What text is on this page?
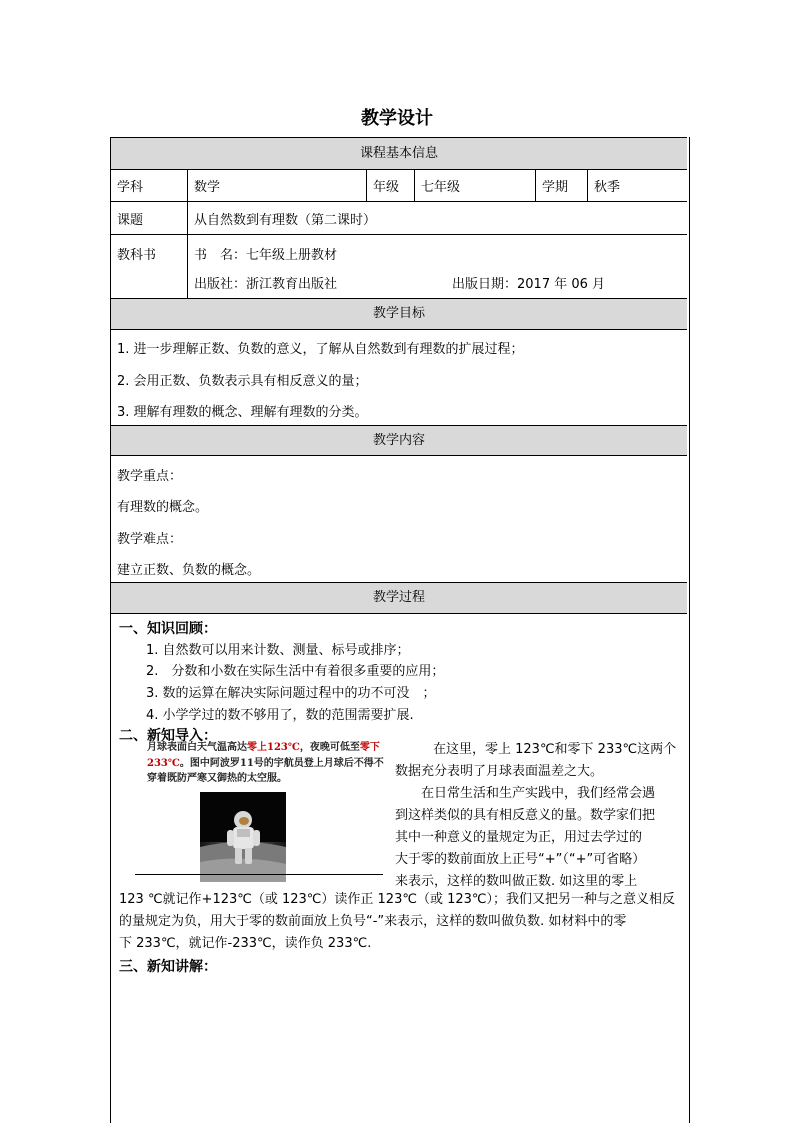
教学设计
课程基本信息
学科	数学	年级	七年级	学期	秋季
课题	从自然数到有理数（第二课时）
教科书	书　名：七年级上册教材
出版社：浙江教育出版社	出版日期：2017 年 06 月
教学目标
1. 进一步理解正数、负数的意义，了解从自然数到有理数的扩展过程；
2. 会用正数、负数表示具有相反意义的量；
3. 理解有理数的概念、理解有理数的分类。
教学内容
教学重点：
有理数的概念。
教学难点：
建立正数、负数的概念。
教学过程
一、知识回顾：
1. 自然数可以用来计数、测量、标号或排序；
2.　分数和小数在实际生活中有着很多重要的应用；
3. 数的运算在解决实际问题过程中的功不可没　；
4. 小学学过的数不够用了，数的范围需要扩展.
二、新知导入：
月球表面白天气温高达零上123℃，夜晚可低至零下233℃。图中阿波罗11号的宇航员登上月球后不得不穿着既防严寒又御热的太空服。
在这里，零上 123℃和零下 233℃这两个
数据充分表明了月球表面温差之大。
在日常生活和生产实践中，我们经常会遇
到这样类似的具有相反意义的量。数学家们把
其中一种意义的量规定为正，用过去学过的
大于零的数前面放上正号“+”（“+”可省略）
来表示，这样的数叫做正数. 如这里的零上
123 ℃就记作+123℃（或 123℃）读作正 123℃（或 123℃）；我们又把另一种与之意义相反
的量规定为负，用大于零的数前面放上负号“-”来表示，这样的数叫做负数. 如材料中的零
下 233℃，就记作-233℃，读作负 233℃.
三、新知讲解：
